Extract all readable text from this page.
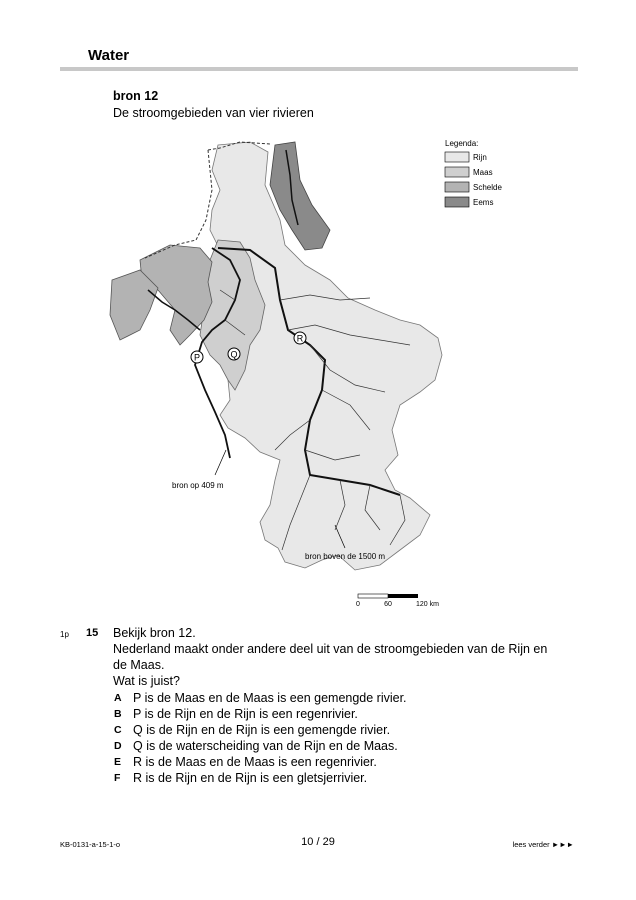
Water
bron 12
De stroomgebieden van vier rivieren
P	Q
R
bron op 409 m
bron boven de 1500 m
Legenda:
Rijn
Maas
Schelde
Eems
0	60	120 km
1p 15 Bekijk bron 12.

Nederland maakt onder andere deel uit van de stroomgebieden van de Rijn en de Maas.

Wat is juist?

A P is de Maas en de Maas is een gemengde rivier.
B P is de Rijn en de Rijn is een regenrivier.
C Q is de Rijn en de Rijn is een gemengde rivier.
D Q is de waterscheiding van de Rijn en de Maas.
E R is de Maas en de Maas is een regenrivier.
F	R is de Rijn en de Rijn is een gletsjerrivier.
KB-0131-a-15-1-o	10 / 29	lees verder ►►►
